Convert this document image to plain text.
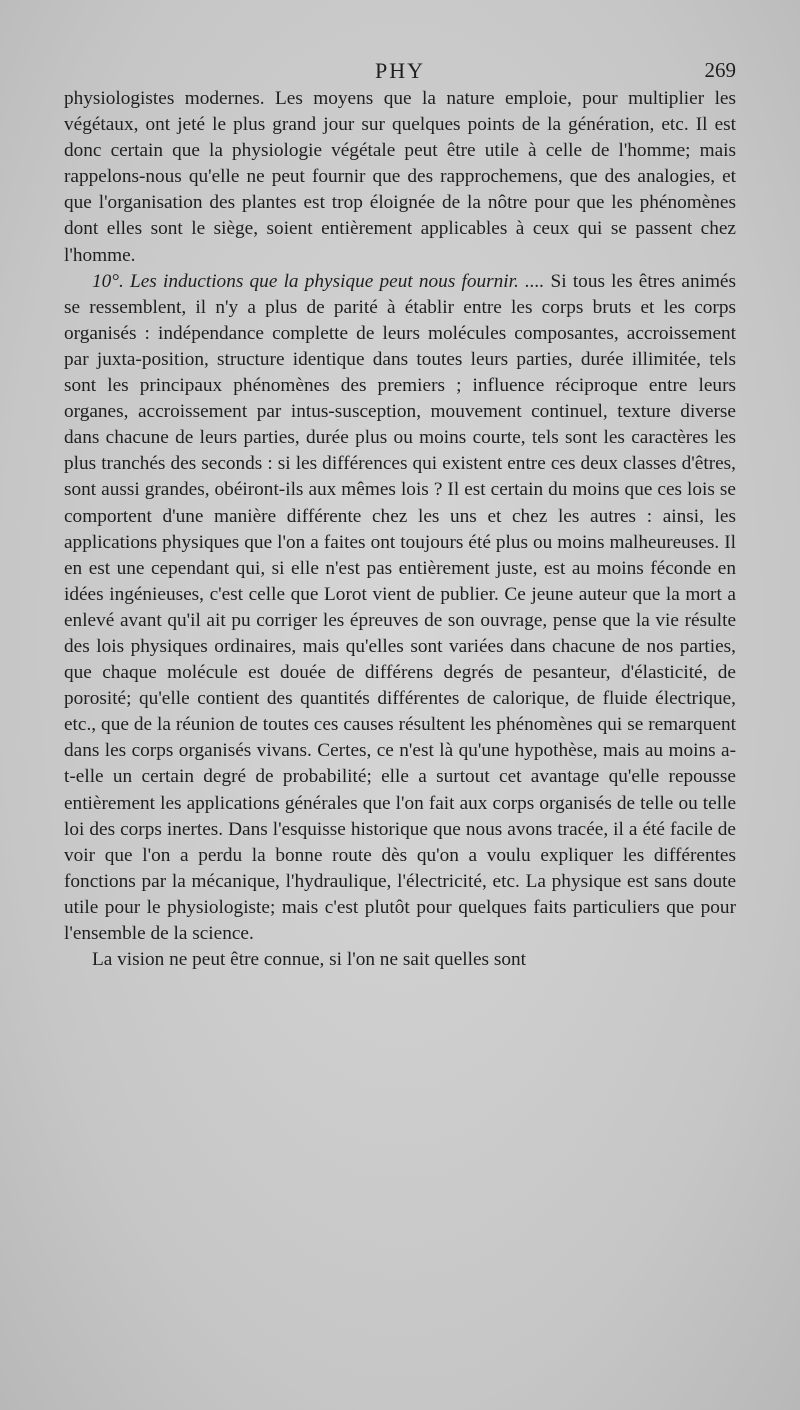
PHY	269

physiologistes modernes. Les moyens que la nature emploie, pour multiplier les végétaux, ont jeté le plus grand jour sur quelques points de la génération, etc. Il est donc certain que la physiologie végétale peut être utile à celle de l'homme; mais rappelons-nous qu'elle ne peut fournir que des rapprochemens, que des analogies, et que l'organisation des plantes est trop éloignée de la nôtre pour que les phénomènes dont elles sont le siège, soient entièrement applicables à ceux qui se passent chez l'homme.

10°. Les inductions que la physique peut nous fournir. .... Si tous les êtres animés se ressemblent, il n'y a plus de parité à établir entre les corps bruts et les corps organisés : indépendance complette de leurs molécules composantes, accroissement par juxta-position, structure identique dans toutes leurs parties, durée illimitée, tels sont les principaux phénomènes des premiers ; influence réciproque entre leurs organes, accroissement par intus-susception, mouvement continuel, texture diverse dans chacune de leurs parties, durée plus ou moins courte, tels sont les caractères les plus tranchés des seconds : si les différences qui existent entre ces deux classes d'êtres, sont aussi grandes, obéiront-ils aux mêmes lois ? Il est certain du moins que ces lois se comportent d'une manière différente chez les uns et chez les autres : ainsi, les applications physiques que l'on a faites ont toujours été plus ou moins malheureuses. Il en est une cependant qui, si elle n'est pas entièrement juste, est au moins féconde en idées ingénieuses, c'est celle que Lorot vient de publier. Ce jeune auteur que la mort a enlevé avant qu'il ait pu corriger les épreuves de son ouvrage, pense que la vie résulte des lois physiques ordinaires, mais qu'elles sont variées dans chacune de nos parties, que chaque molécule est douée de différens degrés de pesanteur, d'élasticité, de porosité; qu'elle contient des quantités différentes de calorique, de fluide électrique, etc., que de la réunion de toutes ces causes résultent les phénomènes qui se remarquent dans les corps organisés vivans. Certes, ce n'est là qu'une hypothèse, mais au moins a-t-elle un certain degré de probabilité; elle a surtout cet avantage qu'elle repousse entièrement les applications générales que l'on fait aux corps organisés de telle ou telle loi des corps inertes. Dans l'esquisse historique que nous avons tracée, il a été facile de voir que l'on a perdu la bonne route dès qu'on a voulu expliquer les différentes fonctions par la mécanique, l'hydraulique, l'électricité, etc. La physique est sans doute utile pour le physiologiste; mais c'est plutôt pour quelques faits particuliers que pour l'ensemble de la science.

La vision ne peut être connue, si l'on ne sait quelles sont
